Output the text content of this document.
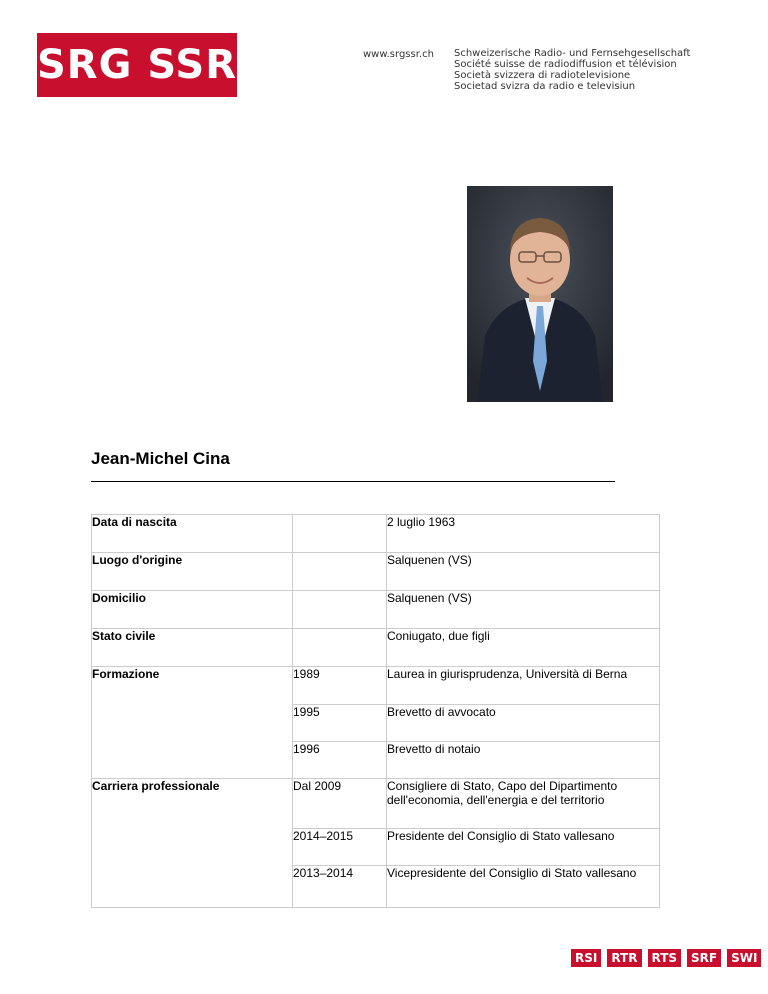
SRG SSR	www.srgssr.ch Schweizerische Radio- und Fernsehgesellschaft
Société suisse de radiodiffusion et télévision
Società svizzera di radiotelevisione
Societad svizra da radio e televisiun
Jean-Michel Cina
Data di nascita		2 luglio 1963

Luogo d'origine		Salquenen (VS)

Domicilio		Salquenen (VS)

Stato civile		Coniugato, due figli

Formazione	1989	Laurea in giurisprudenza, Università di Berna

	1995	Brevetto di avvocato

	1996	Brevetto di notaio

Carriera professionale	Dal 2009	Consigliere di Stato, Capo del Dipartimento dell'economia, dell'energia e del territorio

	2014–2015	Presidente del Consiglio di Stato vallesano

	2013–2014	Vicepresidente del Consiglio di Stato vallesano
RSI	RTR	RTS	SRF	SWI
